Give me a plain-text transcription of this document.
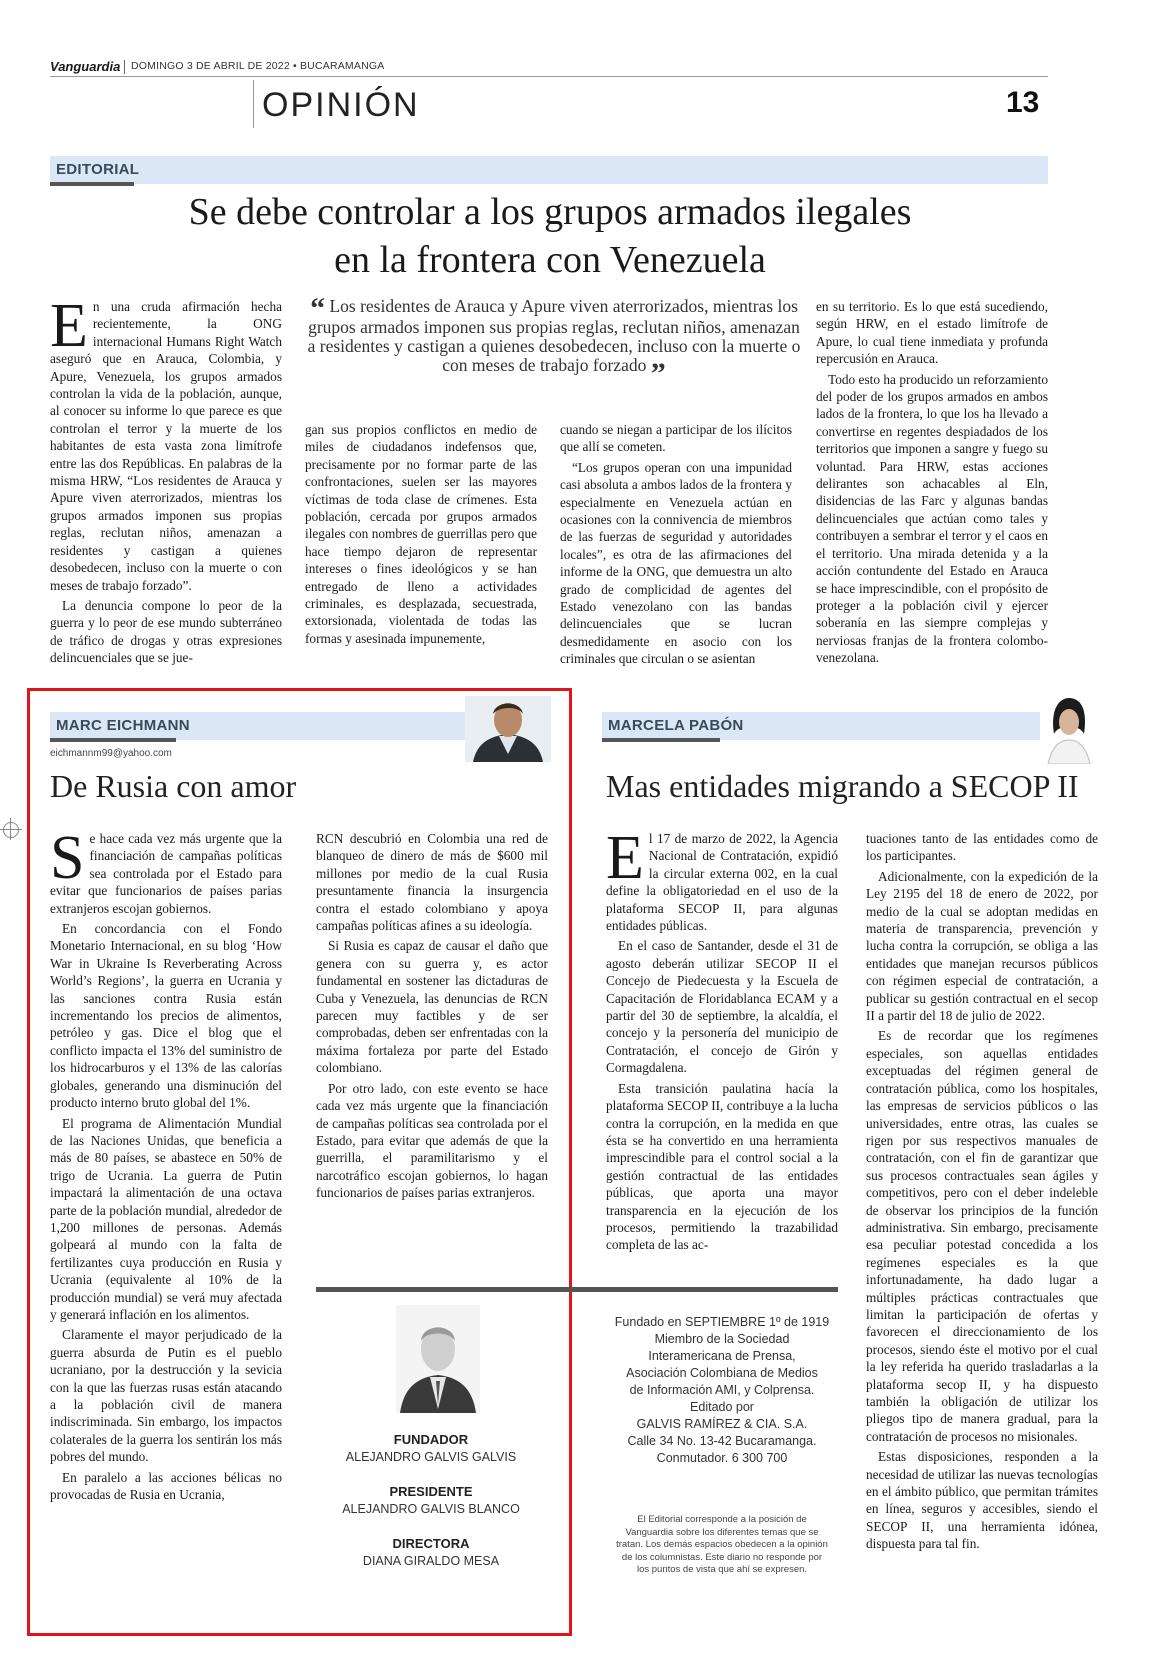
Vanguardia DOMINGO 3 DE ABRIL DE 2022 • BUCARAMANGA
OPINIÓN	13
EDITORIAL
Se debe controlar a los grupos armados ilegales
en la frontera con Venezuela
E n una cruda afirmación hecha recientemente, la ONG internacional Humans Right Watch aseguró que en Arauca, Colombia, y Apure, Venezuela, los grupos armados controlan la vida de la población, aunque, al conocer su informe lo que parece es que controlan el terror y la muerte de los habitantes de esta vasta zona limítrofe entre las dos Repúblicas. En palabras de la misma HRW, “Los residentes de Arauca y Apure viven aterrorizados, mientras los grupos armados imponen sus propias reglas, reclutan niños, amenazan a residentes y castigan a quienes desobedecen, incluso con la muerte o con meses de trabajo forzado”.

La denuncia compone lo peor de la guerra y lo peor de ese mundo subterráneo de tráfico de drogas y otras expresiones delincuenciales que se jue-

“ Los residentes de Arauca y Apure viven aterrorizados, mientras los grupos armados imponen sus propias reglas, reclutan niños, amenazan a residentes y castigan a quienes desobedecen, incluso con la muerte o con meses de trabajo forzado ”

gan sus propios conflictos en medio de miles de ciudadanos indefensos que, precisamente por no formar parte de las confrontaciones, suelen ser las mayores víctimas de toda clase de crímenes. Esta población, cercada por grupos armados ilegales con nombres de guerrillas pero que hace tiempo dejaron de representar intereses o fines ideológicos y se han entregado de lleno a actividades criminales, es desplazada, secuestrada, extorsionada, violentada de todas las formas y asesinada impunemente,

cuando se niegan a participar de los ilícitos que allí se cometen.

“Los grupos operan con una impunidad casi absoluta a ambos lados de la frontera y especialmente en Venezuela actúan en ocasiones con la connivencia de miembros de las fuerzas de seguridad y autoridades locales”, es otra de las afirmaciones del informe de la ONG, que demuestra un alto grado de complicidad de agentes del Estado venezolano con las bandas delincuenciales que se lucran desmedidamente en asocio con los criminales que circulan o se asientan

en su territorio. Es lo que está sucediendo, según HRW, en el estado limítrofe de Apure, lo cual tiene inmediata y profunda repercusión en Arauca.

Todo esto ha producido un reforzamiento del poder de los grupos armados en ambos lados de la frontera, lo que los ha llevado a convertirse en regentes despiadados de los territorios que imponen a sangre y fuego su voluntad. Para HRW, estas acciones delirantes son achacables al Eln, disidencias de las Farc y algunas bandas delincuenciales que actúan como tales y contribuyen a sembrar el terror y el caos en el territorio. Una mirada detenida y a la acción contundente del Estado en Arauca se hace imprescindible, con el propósito de proteger a la población civil y ejercer soberanía en las siempre complejas y nerviosas franjas de la frontera colombo-venezolana.

MARC EICHMANN
eichmannm99@yahoo.com
De Rusia con amor
S e hace cada vez más urgente que la financiación de campañas políticas sea controlada por el Estado para evitar que funcionarios de países parias extranjeros escojan gobiernos.

En concordancia con el Fondo Monetario Internacional, en su blog ‘How War in Ukraine Is Reverberating Across World’s Regions’, la guerra en Ucrania y las sanciones contra Rusia están incrementando los precios de alimentos, petróleo y gas. Dice el blog que el conflicto impacta el 13% del suministro de los hidrocarburos y el 13% de las calorías globales, generando una disminución del producto interno bruto global del 1%.

El programa de Alimentación Mundial de las Naciones Unidas, que beneficia a más de 80 países, se abastece en 50% de trigo de Ucrania. La guerra de Putin impactará la alimentación de una octava parte de la población mundial, alrededor de 1,200 millones de personas. Además golpeará al mundo con la falta de fertilizantes cuya producción en Rusia y Ucrania (equivalente al 10% de la producción mundial) se verá muy afectada y generará inflación en los alimentos.

Claramente el mayor perjudicado de la guerra absurda de Putin es el pueblo ucraniano, por la destrucción y la sevicia con la que las fuerzas rusas están atacando a la población civil de manera indiscriminada. Sin embargo, los impactos colaterales de la guerra los sentirán los más pobres del mundo.

En paralelo a las acciones bélicas no provocadas de Rusia en Ucrania,

RCN descubrió en Colombia una red de blanqueo de dinero de más de $600 mil millones por medio de la cual Rusia presuntamente financia la insurgencia contra el estado colombiano y apoya campañas políticas afines a su ideología.

Si Rusia es capaz de causar el daño que genera con su guerra y, es actor fundamental en sostener las dictaduras de Cuba y Venezuela, las denuncias de RCN parecen muy factibles y de ser comprobadas, deben ser enfrentadas con la máxima fortaleza por parte del Estado colombiano.

Por otro lado, con este evento se hace cada vez más urgente que la financiación de campañas políticas sea controlada por el Estado, para evitar que además de que la guerrilla, el paramilitarismo y el narcotráfico escojan gobiernos, lo hagan funcionarios de países parias extranjeros.

MARCELA PABÓN
Mas entidades migrando a SECOP II
E l 17 de marzo de 2022, la Agencia Nacional de Contratación, expidió la circular externa 002, en la cual define la obligatoriedad en el uso de la plataforma SECOP II, para algunas entidades públicas.

En el caso de Santander, desde el 31 de agosto deberán utilizar SECOP II el Concejo de Piedecuesta y la Escuela de Capacitación de Floridablanca ECAM y a partir del 30 de septiembre, la alcaldía, el concejo y la personería del municipio de Contratación, el concejo de Girón y Cormagdalena.

Esta transición paulatina hacía la plataforma SECOP II, contribuye a la lucha contra la corrupción, en la medida en que ésta se ha convertido en una herramienta imprescindible para el control social a la gestión contractual de las entidades públicas, que aporta una mayor transparencia en la ejecución de los procesos, permitiendo la trazabilidad completa de las ac-

tuaciones tanto de las entidades como de los participantes.

Adicionalmente, con la expedición de la Ley 2195 del 18 de enero de 2022, por medio de la cual se adoptan medidas en materia de transparencia, prevención y lucha contra la corrupción, se obliga a las entidades que manejan recursos públicos con régimen especial de contratación, a publicar su gestión contractual en el secop II a partir del 18 de julio de 2022.

Es de recordar que los regímenes especiales, son aquellas entidades exceptuadas del régimen general de contratación pública, como los hospitales, las empresas de servicios públicos o las universidades, entre otras, las cuales se rigen por sus respectivos manuales de contratación, con el fin de garantizar que sus procesos contractuales sean ágiles y competitivos, pero con el deber indeleble de observar los principios de la función administrativa. Sin embargo, precisamente esa peculiar potestad concedida a los regímenes especiales es la que infortunadamente, ha dado lugar a múltiples prácticas contractuales que limitan la participación de ofertas y favorecen el direccionamiento de los procesos, siendo éste el motivo por el cual la ley referida ha querido trasladarlas a la plataforma secop II, y ha dispuesto también la obligación de utilizar los pliegos tipo de manera gradual, para la contratación de procesos no misionales.

Estas disposiciones, responden a la necesidad de utilizar las nuevas tecnologías en el ámbito público, que permitan trámites en línea, seguros y accesibles, siendo el SECOP II, una herramienta idónea, dispuesta para tal fin.

FUNDADOR
ALEJANDRO GALVIS GALVIS
PRESIDENTE
ALEJANDRO GALVIS BLANCO
DIRECTORA
DIANA GIRALDO MESA
Fundado en SEPTIEMBRE 1º de 1919
Miembro de la Sociedad
Interamericana de Prensa,
Asociación Colombiana de Medios
de Información AMI, y Colprensa.
Editado por
GALVIS RAMÍREZ & CIA. S.A.
Calle 34 No. 13-42 Bucaramanga.
Conmutador. 6 300 700
El Editorial corresponde a la posición de Vanguardia sobre los diferentes temas que se tratan. Los demás espacios obedecen a la opinión de los columnistas. Este diario no responde por los puntos de vista que ahí se expresen.
